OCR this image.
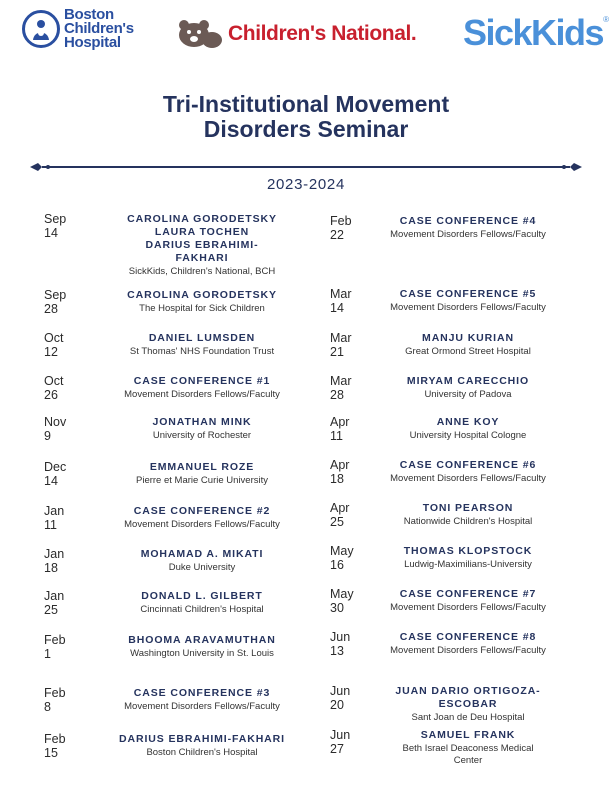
Boston
Children's
Hospital	Children's National. SickKids ®
Tri-Institutional Movement
Disorders Seminar
2023-2024
Sep 14
CAROLINA GORODETSKY
LAURA TOCHEN
DARIUS EBRAHIMI-
FAKHARI
SickKids, Children's National, BCH
Sep 28
CAROLINA GORODETSKY
The Hospital for Sick Children
Oct 12
DANIEL LUMSDEN
St Thomas' NHS Foundation Trust
Oct 26
CASE CONFERENCE #1
Movement Disorders Fellows/Faculty
Nov 9
JONATHAN MINK
University of Rochester
Dec 14
EMMANUEL ROZE
Pierre et Marie Curie University
Jan 11
CASE CONFERENCE #2
Movement Disorders Fellows/Faculty
Jan 18
MOHAMAD A. MIKATI
Duke University
Jan 25
DONALD L. GILBERT
Cincinnati Children's Hospital
Feb 1
BHOOMA ARAVAMUTHAN
Washington University in St. Louis
Feb 8
CASE CONFERENCE #3
Movement Disorders Fellows/Faculty
Feb 15
DARIUS EBRAHIMI-FAKHARI
Boston Children's Hospital
Feb 22
CASE CONFERENCE #4
Movement Disorders Fellows/Faculty
Mar 14
CASE CONFERENCE #5
Movement Disorders Fellows/Faculty
Mar 21
MANJU KURIAN
Great Ormond Street Hospital
Mar 28
MIRYAM CARECCHIO
University of Padova
Apr 11
ANNE KOY
University Hospital Cologne
Apr 18
CASE CONFERENCE #6
Movement Disorders Fellows/Faculty
Apr 25
TONI PEARSON
Nationwide Children's Hospital
May 16
THOMAS KLOPSTOCK
Ludwig-Maximilians-University
May 30
CASE CONFERENCE #7
Movement Disorders Fellows/Faculty
Jun 13
CASE CONFERENCE #8
Movement Disorders Fellows/Faculty
Jun 20
JUAN DARIO ORTIGOZA-
ESCOBAR
Sant Joan de Deu Hospital
Jun 27
SAMUEL FRANK
Beth Israel Deaconess Medical
Center
